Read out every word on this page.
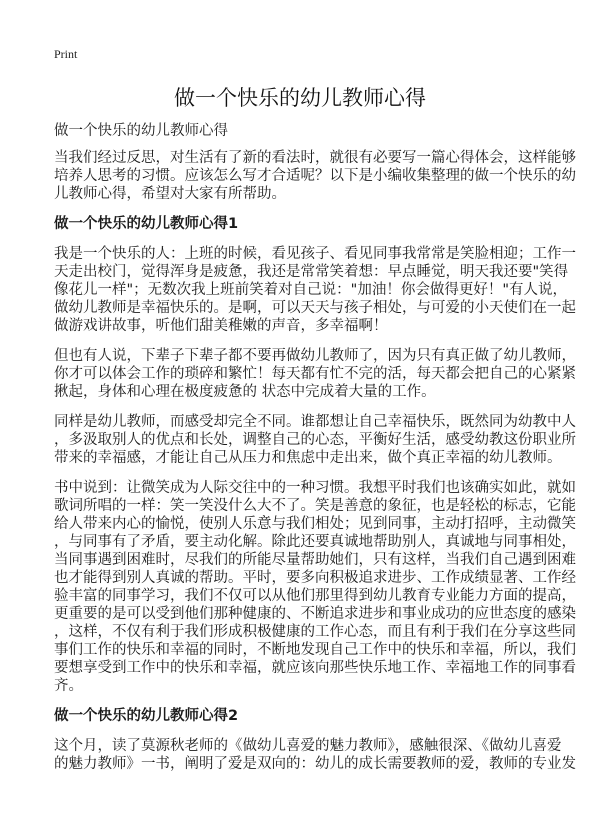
Print
做一个快乐的幼儿教师心得
做一个快乐的幼儿教师心得
当我们经过反思，对生活有了新的看法时，就很有必要写一篇心得体会，这样能够
培养人思考的习惯。应该怎么写才合适呢？以下是小编收集整理的做一个快乐的幼
儿教师心得，希望对大家有所帮助。
做一个快乐的幼儿教师心得1
我是一个快乐的人：上班的时候，看见孩子、看见同事我常常是笑脸相迎；工作一
天走出校门，觉得浑身是疲惫，我还是常常笑着想：早点睡觉，明天我还要"笑得
像花儿一样"；无数次我上班前笑着对自己说："加油！你会做得更好！"有人说，
做幼儿教师是幸福快乐的。是啊，可以天天与孩子相处，与可爱的小天使们在一起
做游戏讲故事，听他们甜美稚嫩的声音，多幸福啊！
但也有人说，下辈子下辈子都不要再做幼儿教师了，因为只有真正做了幼儿教师，
你才可以体会工作的琐碎和繁忙！每天都有忙不完的活，每天都会把自己的心紧紧
揪起，身体和心理在极度疲惫的 状态中完成着大量的工作。
同样是幼儿教师，而感受却完全不同。谁都想让自己幸福快乐，既然同为幼教中人
，多汲取别人的优点和长处，调整自己的心态，平衡好生活，感受幼教这份职业所
带来的幸福感，才能让自己从压力和焦虑中走出来，做个真正幸福的幼儿教师。
书中说到：让微笑成为人际交往中的一种习惯。我想平时我们也该确实如此，就如
歌词所唱的一样：笑一笑没什么大不了。笑是善意的象征，也是轻松的标志，它能
给人带来内心的愉悦，使别人乐意与我们相处；见到同事，主动打招呼，主动微笑
，与同事有了矛盾，要主动化解。除此还要真诚地帮助别人，真诚地与同事相处，
当同事遇到困难时，尽我们的所能尽量帮助她们，只有这样，当我们自己遇到困难
也才能得到别人真诚的帮助。平时，要多向积极追求进步、工作成绩显著、工作经
验丰富的同事学习，我们不仅可以从他们那里得到幼儿教育专业能力方面的提高，
更重要的是可以受到他们那种健康的、不断追求进步和事业成功的应世态度的感染
，这样，不仅有利于我们形成积极健康的工作心态，而且有利于我们在分享这些同
事们工作的快乐和幸福的同时，不断地发现自己工作中的快乐和幸福，所以，我们
要想享受到工作中的快乐和幸福，就应该向那些快乐地工作、幸福地工作的同事看
齐。
做一个快乐的幼儿教师心得2
这个月，读了莫源秋老师的《做幼儿喜爱的魅力教师》，感触很深、《做幼儿喜爱
的魅力教师》一书，阐明了爱是双向的：幼儿的成长需要教师的爱，教师的专业发
